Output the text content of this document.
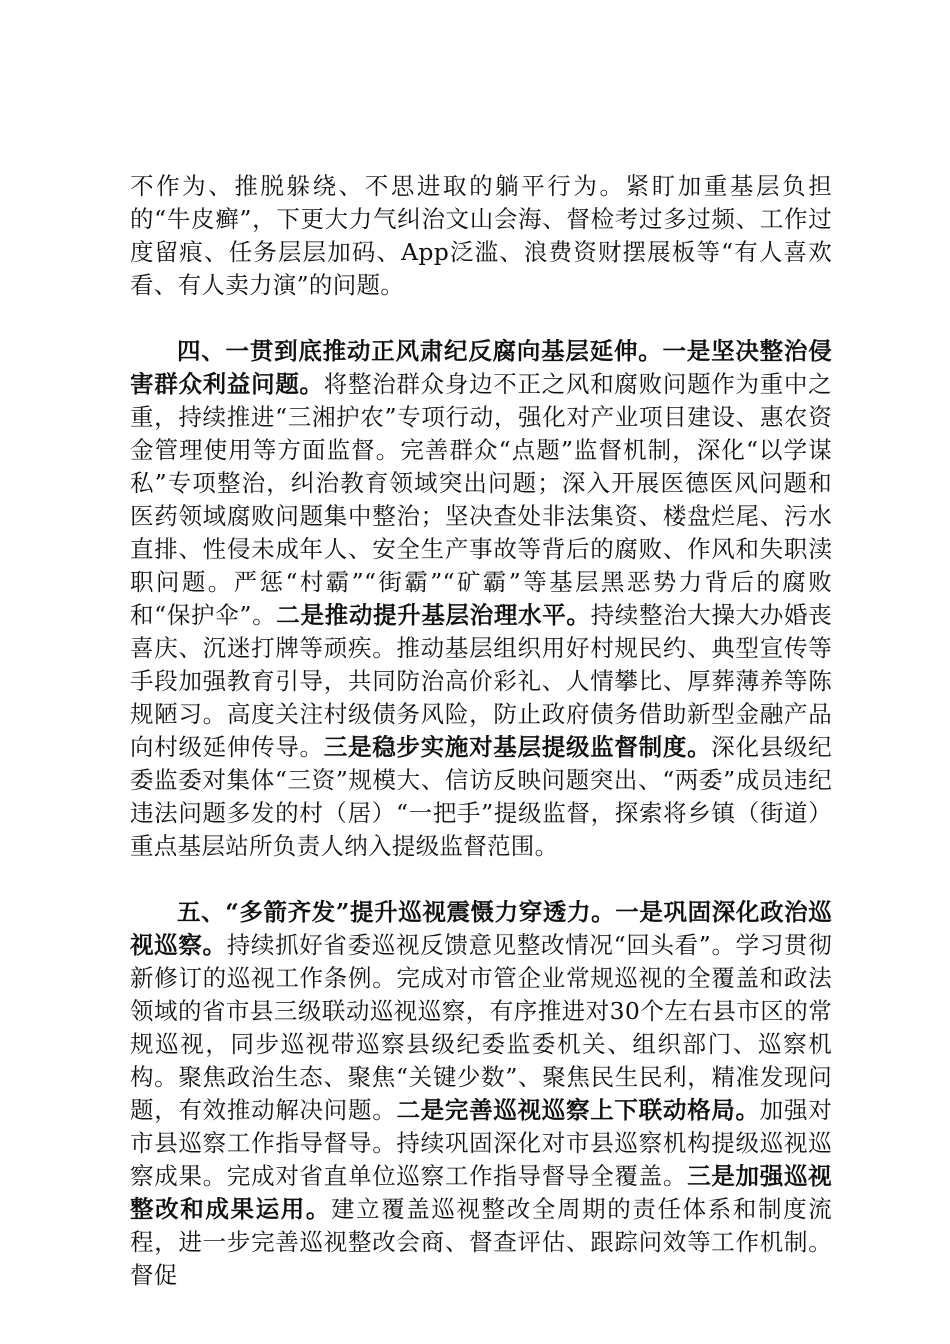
不作为、推脱躲绕、不思进取的躺平行为。紧盯加重基层负担的“牛皮癣”，下更大力气纠治文山会海、督检考过多过频、工作过度留痕、任务层层加码、App泛滥、浪费资财摆展板等“有人喜欢看、有人卖力演”的问题。

四、一贯到底推动正风肃纪反腐向基层延伸。一是坚决整治侵害群众利益问题。将整治群众身边不正之风和腐败问题作为重中之重，持续推进“三湘护农”专项行动，强化对产业项目建设、惠农资金管理使用等方面监督。完善群众“点题”监督机制，深化“以学谋私”专项整治，纠治教育领域突出问题；深入开展医德医风问题和医药领域腐败问题集中整治；坚决查处非法集资、楼盘烂尾、污水直排、性侵未成年人、安全生产事故等背后的腐败、作风和失职渎职问题。严惩“村霸”“街霸”“矿霸”等基层黑恶势力背后的腐败和“保护伞”。二是推动提升基层治理水平。持续整治大操大办婚丧喜庆、沉迷打牌等顽疾。推动基层组织用好村规民约、典型宣传等手段加强教育引导，共同防治高价彩礼、人情攀比、厚葬薄养等陈规陋习。高度关注村级债务风险，防止政府债务借助新型金融产品向村级延伸传导。三是稳步实施对基层提级监督制度。深化县级纪委监委对集体“三资”规模大、信访反映问题突出、“两委”成员违纪违法问题多发的村（居）“一把手”提级监督，探索将乡镇（街道）重点基层站所负责人纳入提级监督范围。

五、“多箭齐发”提升巡视震慑力穿透力。一是巩固深化政治巡视巡察。持续抓好省委巡视反馈意见整改情况“回头看”。学习贯彻新修订的巡视工作条例。完成对市管企业常规巡视的全覆盖和政法领域的省市县三级联动巡视巡察，有序推进对30个左右县市区的常规巡视，同步巡视带巡察县级纪委监委机关、组织部门、巡察机构。聚焦政治生态、聚焦“关键少数”、聚焦民生民利，精准发现问题，有效推动解决问题。二是完善巡视巡察上下联动格局。加强对市县巡察工作指导督导。持续巩固深化对市县巡察机构提级巡视巡察成果。完成对省直单位巡察工作指导督导全覆盖。三是加强巡视整改和成果运用。建立覆盖巡视整改全周期的责任体系和制度流程，进一步完善巡视整改会商、督查评估、跟踪问效等工作机制。督促
